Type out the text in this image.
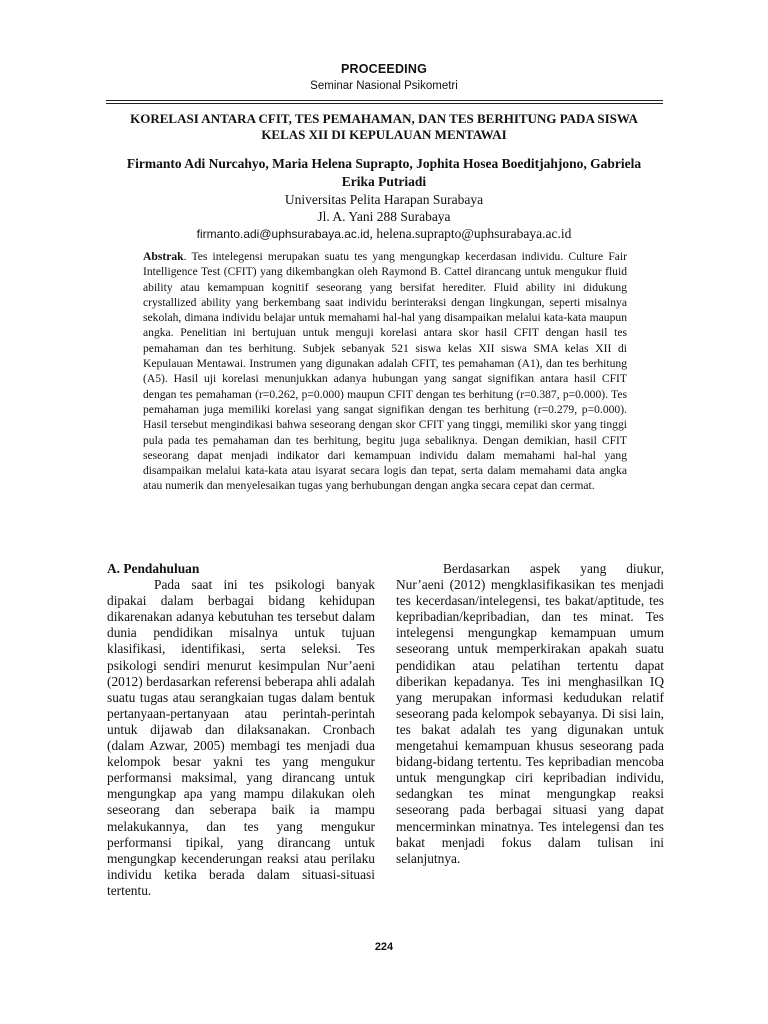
PROCEEDING
Seminar Nasional Psikometri
KORELASI ANTARA CFIT, TES PEMAHAMAN, DAN TES BERHITUNG PADA SISWA
KELAS XII DI KEPULAUAN MENTAWAI
Firmanto Adi Nurcahyo, Maria Helena Suprapto, Jophita Hosea Boeditjahjono, Gabriela
Erika Putriadi
Universitas Pelita Harapan Surabaya
Jl. A. Yani 288 Surabaya
firmanto.adi@uphsurabaya.ac.id, helena.suprapto@uphsurabaya.ac.id
Abstrak. Tes intelegensi merupakan suatu tes yang mengungkap kecerdasan individu. Culture Fair Intelligence Test (CFIT) yang dikembangkan oleh Raymond B. Cattel dirancang untuk mengukur fluid ability atau kemampuan kognitif seseorang yang bersifat herediter. Fluid ability ini didukung crystallized ability yang berkembang saat individu berinteraksi dengan lingkungan, seperti misalnya sekolah, dimana individu belajar untuk memahami hal-hal yang disampaikan melalui kata-kata maupun angka. Penelitian ini bertujuan untuk menguji korelasi antara skor hasil CFIT dengan hasil tes pemahaman dan tes berhitung. Subjek sebanyak 521 siswa kelas XII siswa SMA kelas XII di Kepulauan Mentawai. Instrumen yang digunakan adalah CFIT, tes pemahaman (A1), dan tes berhitung (A5). Hasil uji korelasi menunjukkan adanya hubungan yang sangat signifikan antara hasil CFIT dengan tes pemahaman (r=0.262, p=0.000) maupun CFIT dengan tes berhitung (r=0.387, p=0.000). Tes pemahaman juga memiliki korelasi yang sangat signifikan dengan tes berhitung (r=0.279, p=0.000). Hasil tersebut mengindikasi bahwa seseorang dengan skor CFIT yang tinggi, memiliki skor yang tinggi pula pada tes pemahaman dan tes berhitung, begitu juga sebaliknya. Dengan demikian, hasil CFIT seseorang dapat menjadi indikator dari kemampuan individu dalam memahami hal-hal yang disampaikan melalui kata-kata atau isyarat secara logis dan tepat, serta dalam memahami data angka atau numerik dan menyelesaikan tugas yang berhubungan dengan angka secara cepat dan cermat.

A. Pendahuluan

Pada saat ini tes psikologi banyak dipakai dalam berbagai bidang kehidupan dikarenakan adanya kebutuhan tes tersebut dalam dunia pendidikan misalnya untuk tujuan klasifikasi, identifikasi, serta seleksi. Tes psikologi sendiri menurut kesimpulan Nur’aeni (2012) berdasarkan referensi beberapa ahli adalah suatu tugas atau serangkaian tugas dalam bentuk pertanyaan-pertanyaan atau perintah-perintah untuk dijawab dan dilaksanakan. Cronbach (dalam Azwar, 2005) membagi tes menjadi dua kelompok besar yakni tes yang mengukur performansi maksimal, yang dirancang untuk mengungkap apa yang mampu dilakukan oleh seseorang dan seberapa baik ia mampu melakukannya, dan tes yang mengukur performansi tipikal, yang dirancang untuk mengungkap kecenderungan reaksi atau perilaku individu ketika berada dalam situasi-situasi tertentu.

Berdasarkan aspek yang diukur, Nur’aeni (2012) mengklasifikasikan tes menjadi tes kecerdasan/intelegensi, tes bakat/aptitude, tes kepribadian/kepribadian, dan tes minat. Tes intelegensi mengungkap kemampuan umum seseorang untuk memperkirakan apakah suatu pendidikan atau pelatihan tertentu dapat diberikan kepadanya. Tes ini menghasilkan IQ yang merupakan informasi kedudukan relatif seseorang pada kelompok sebayanya. Di sisi lain, tes bakat adalah tes yang digunakan untuk mengetahui kemampuan khusus seseorang pada bidang-bidang tertentu. Tes kepribadian mencoba untuk mengungkap ciri kepribadian individu, sedangkan tes minat mengungkap reaksi seseorang pada berbagai situasi yang dapat mencerminkan minatnya. Tes intelegensi dan tes bakat menjadi fokus dalam tulisan ini selanjutnya.

224
